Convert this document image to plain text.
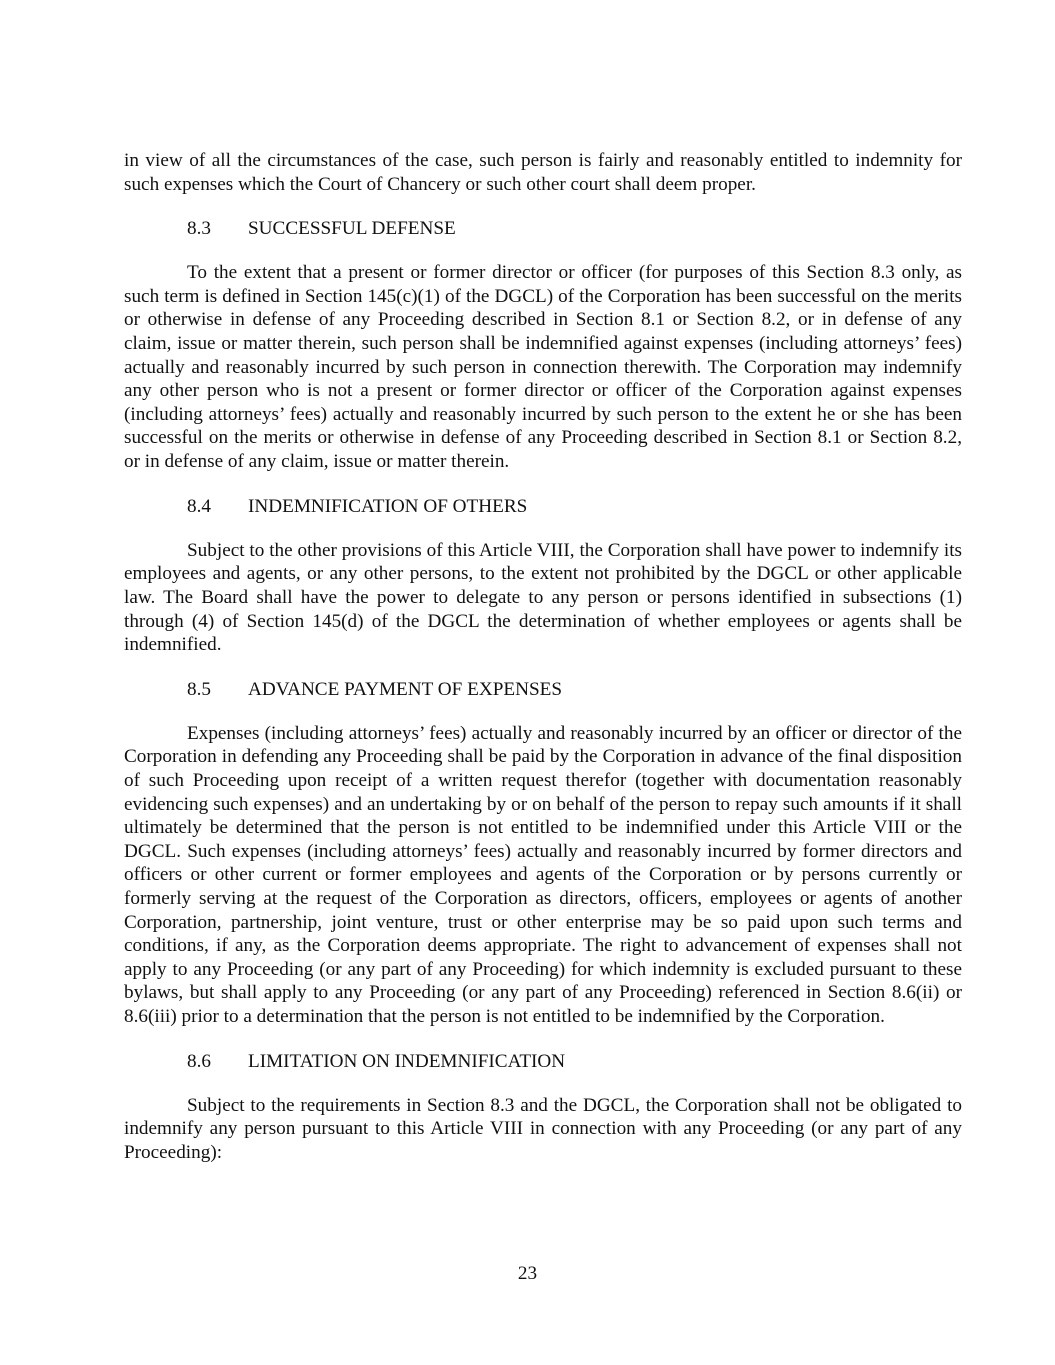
in view of all the circumstances of the case, such person is fairly and reasonably entitled to indemnity for such expenses which the Court of Chancery or such other court shall deem proper.

8.3	SUCCESSFUL DEFENSE

To the extent that a present or former director or officer (for purposes of this Section 8.3 only, as such term is defined in Section 145(c)(1) of the DGCL) of the Corporation has been successful on the merits or otherwise in defense of any Proceeding described in Section 8.1 or Section 8.2, or in defense of any claim, issue or matter therein, such person shall be indemnified against expenses (including attorneys’ fees) actually and reasonably incurred by such person in connection therewith. The Corporation may indemnify any other person who is not a present or former director or officer of the Corporation against expenses (including attorneys’ fees) actually and reasonably incurred by such person to the extent he or she has been successful on the merits or otherwise in defense of any Proceeding described in Section 8.1 or Section 8.2, or in defense of any claim, issue or matter therein.

8.4	INDEMNIFICATION OF OTHERS

Subject to the other provisions of this Article VIII, the Corporation shall have power to indemnify its employees and agents, or any other persons, to the extent not prohibited by the DGCL or other applicable law. The Board shall have the power to delegate to any person or persons identified in subsections (1) through (4) of Section 145(d) of the DGCL the determination of whether employees or agents shall be indemnified.

8.5	ADVANCE PAYMENT OF EXPENSES

Expenses (including attorneys’ fees) actually and reasonably incurred by an officer or director of the Corporation in defending any Proceeding shall be paid by the Corporation in advance of the final disposition of such Proceeding upon receipt of a written request therefor (together with documentation reasonably evidencing such expenses) and an undertaking by or on behalf of the person to repay such amounts if it shall ultimately be determined that the person is not entitled to be indemnified under this Article VIII or the DGCL. Such expenses (including attorneys’ fees) actually and reasonably incurred by former directors and officers or other current or former employees and agents of the Corporation or by persons currently or formerly serving at the request of the Corporation as directors, officers, employees or agents of another Corporation, partnership, joint venture, trust or other enterprise may be so paid upon such terms and conditions, if any, as the Corporation deems appropriate. The right to advancement of expenses shall not apply to any Proceeding (or any part of any Proceeding) for which indemnity is excluded pursuant to these bylaws, but shall apply to any Proceeding (or any part of any Proceeding) referenced in Section 8.6(ii) or 8.6(iii) prior to a determination that the person is not entitled to be indemnified by the Corporation.

8.6	LIMITATION ON INDEMNIFICATION

Subject to the requirements in Section 8.3 and the DGCL, the Corporation shall not be obligated to indemnify any person pursuant to this Article VIII in connection with any Proceeding (or any part of any Proceeding):

23
